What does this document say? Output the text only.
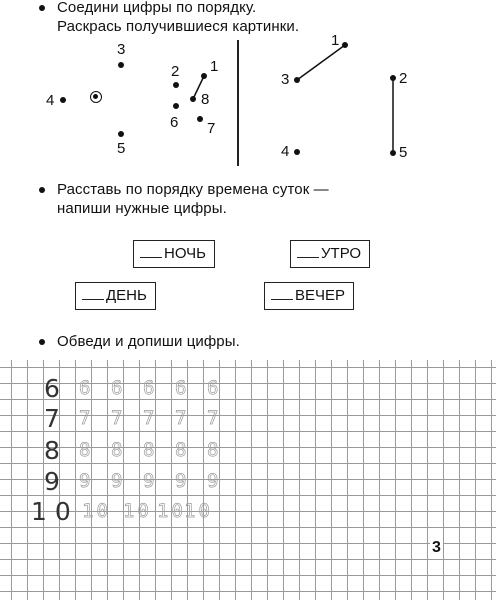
Соедини цифры по порядку.
Раскрась получившиеся картинки.
3
4
5
2 1
8
6 7
1
3	2
4	5
Расставь по порядку времена суток —
напиши нужные цифры.
НОЧЬ	УТРО
ДЕНЬ	ВЕЧЕР
Обведи и допиши цифры.
6 6 6 6 6 6
7 7 7 7 7 7
8 8 8 8 8 8
9 9 9 9 9 9
10 10 10 10
10
3
